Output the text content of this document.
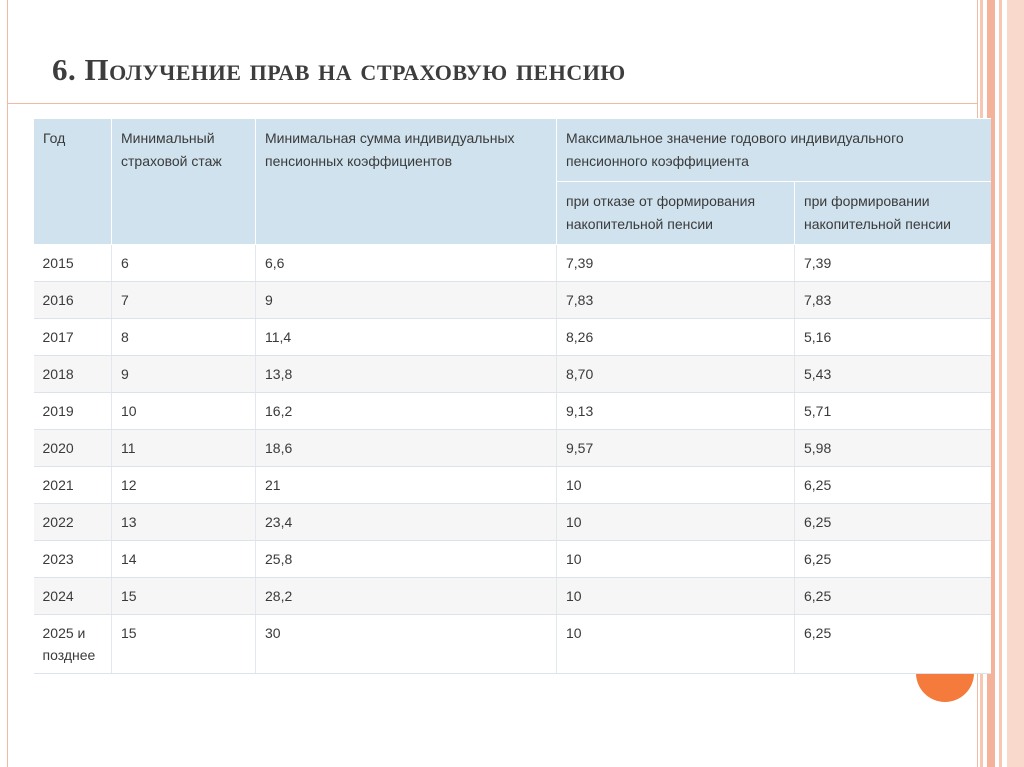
6. Получение прав на страховую пенсию
Год	Минимальный страховой стаж	Минимальная сумма индивидуальных пенсионных коэффициентов	Максимальное значение годового индивидуального пенсионного коэффициента	
			при отказе от формирования накопительной пенсии	при формировании накопительной пенсии
2015	6	6,6	7,39	7,39
2016	7	9	7,83	7,83
2017	8	11,4	8,26	5,16
2018	9	13,8	8,70	5,43
2019	10	16,2	9,13	5,71
2020	11	18,6	9,57	5,98
2021	12	21	10	6,25
2022	13	23,4	10	6,25
2023	14	25,8	10	6,25
2024	15	28,2	10	6,25
2025 и позднее	15	30	10	6,25
